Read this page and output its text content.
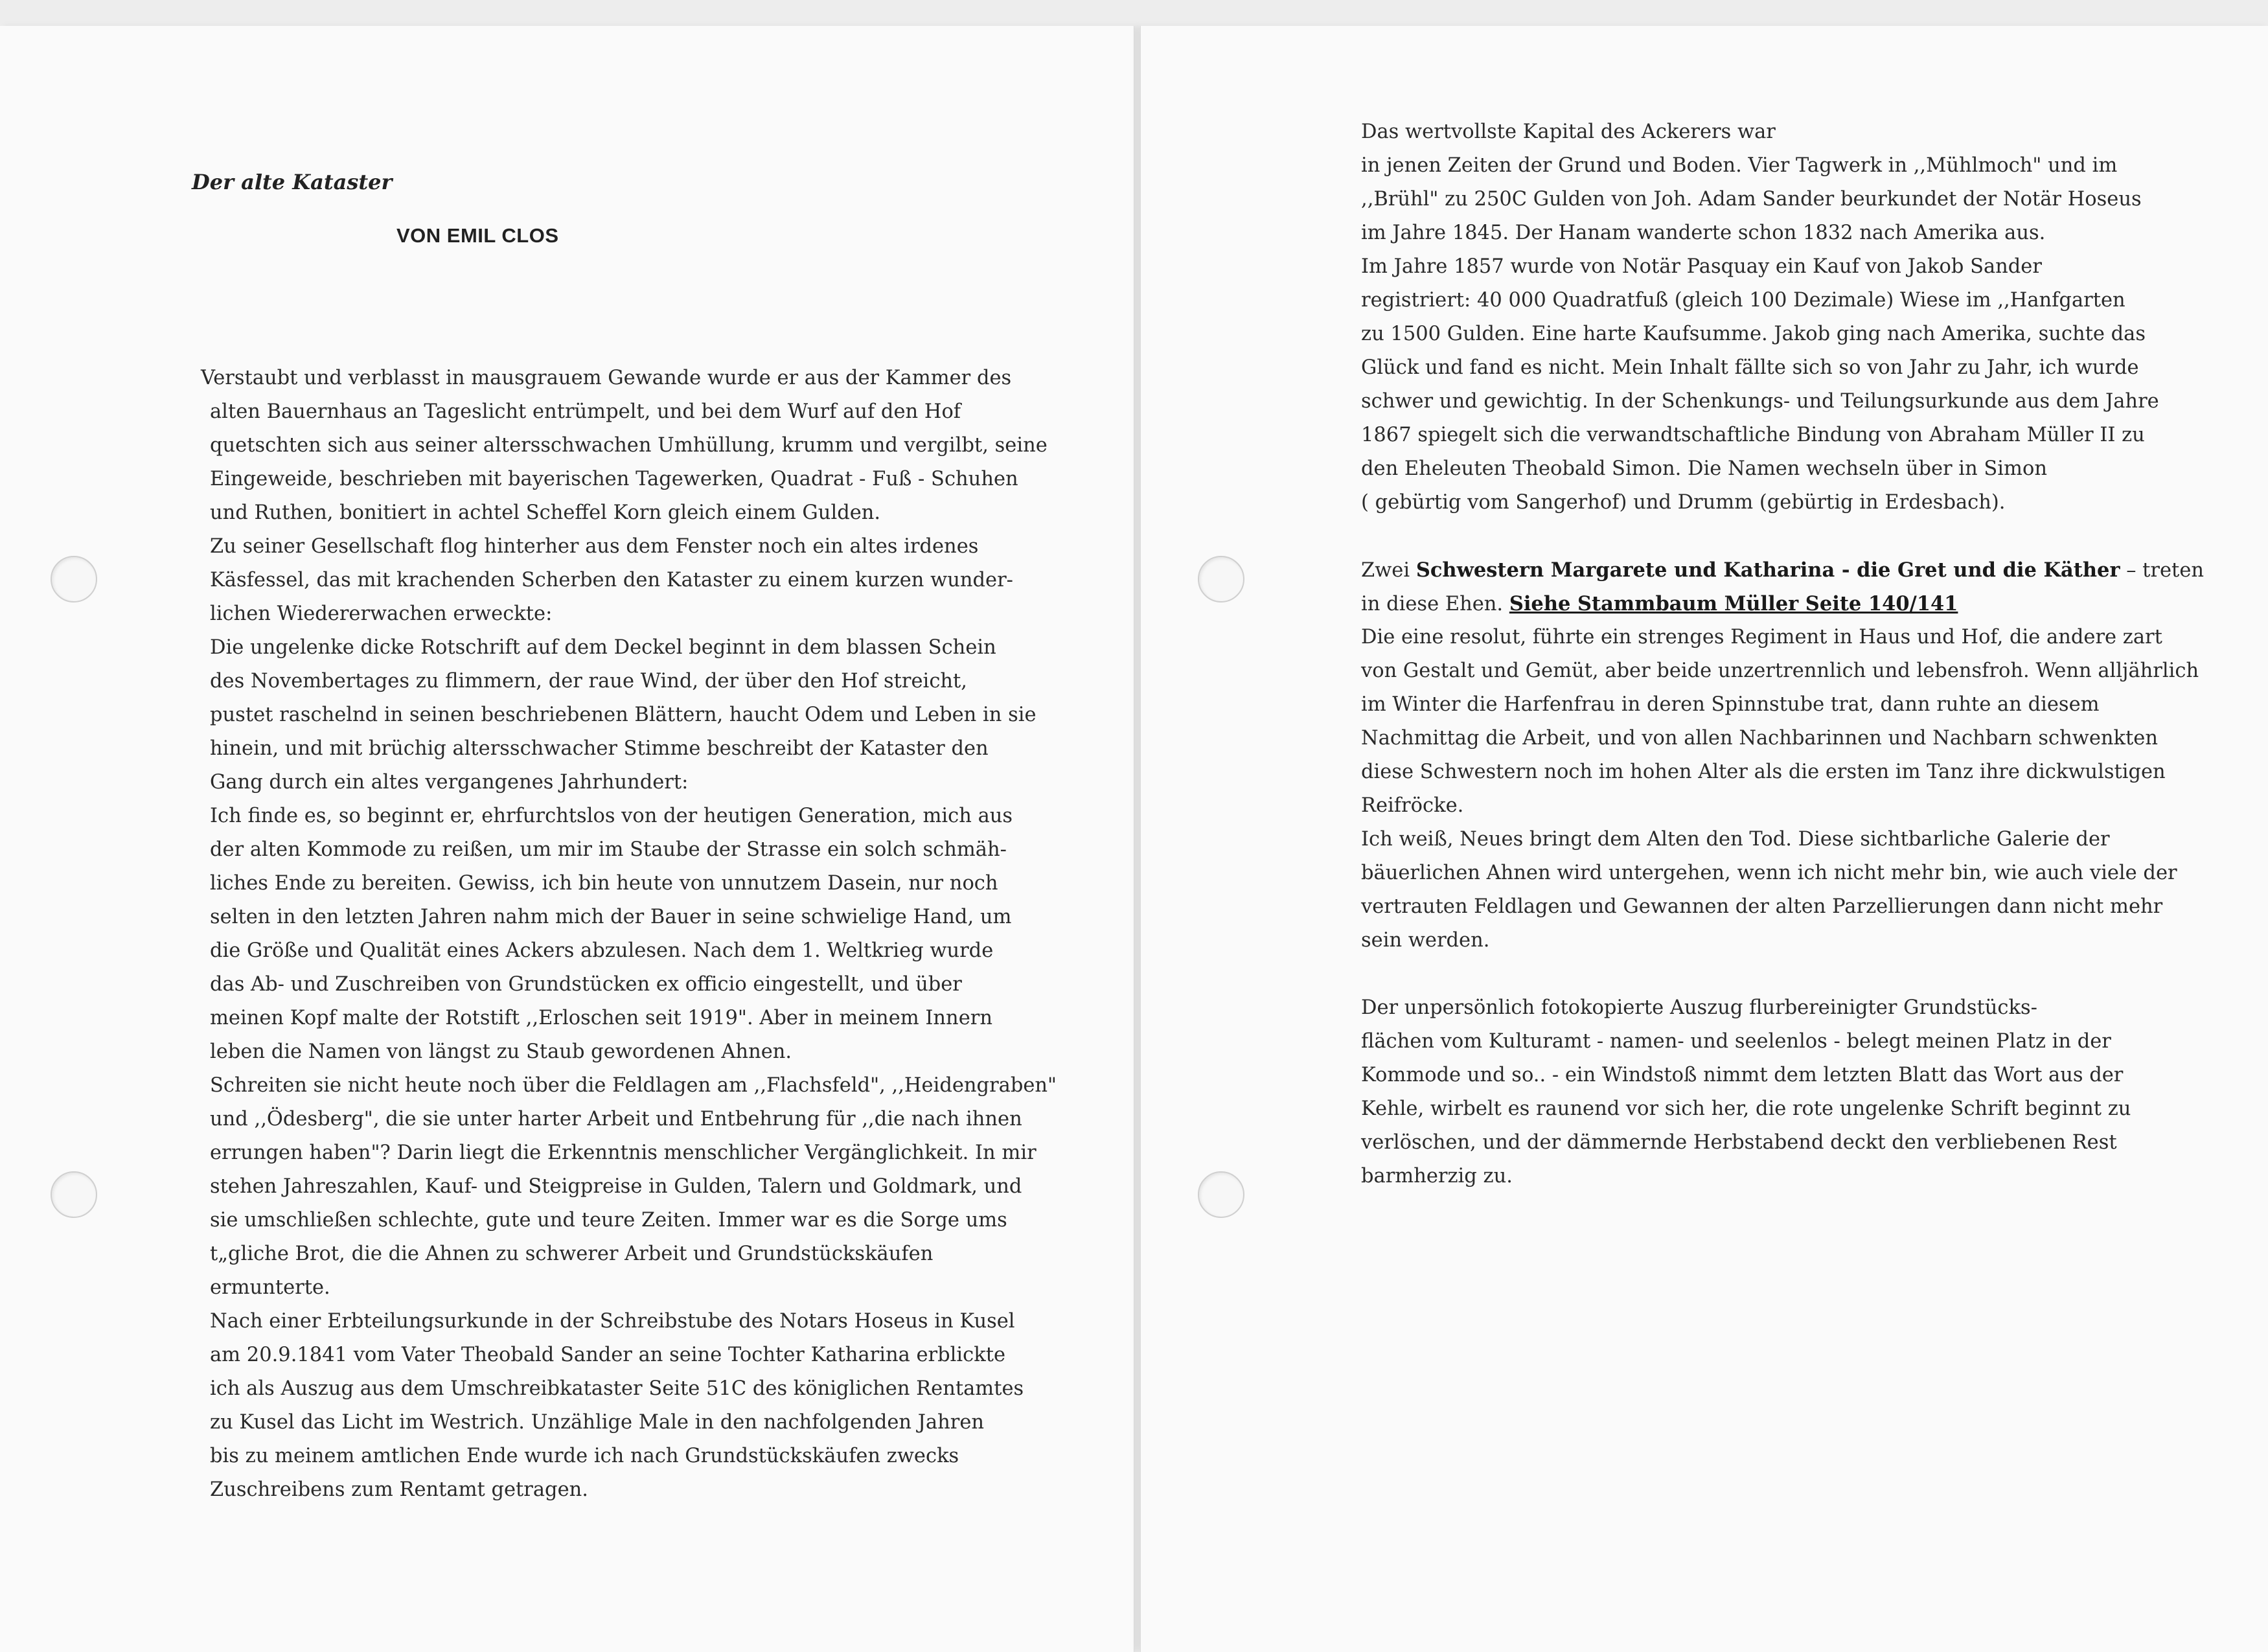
Der alte Kataster
VON EMIL CLOS
Verstaubt und verblasst in mausgrauem Gewande wurde er aus der Kammer des
alten Bauernhaus an Tageslicht entrümpelt, und bei dem Wurf auf den Hof
quetschten sich aus seiner altersschwachen Umhüllung, krumm und vergilbt, seine
Eingeweide, beschrieben mit bayerischen Tagewerken, Quadrat - Fuß - Schuhen
und Ruthen, bonitiert in achtel Scheffel Korn gleich einem Gulden.
Zu seiner Gesellschaft flog hinterher aus dem Fenster noch ein altes irdenes
Käsfessel, das mit krachenden Scherben den Kataster zu einem kurzen wunder-
lichen Wiedererwachen erweckte:
Die ungelenke dicke Rotschrift auf dem Deckel beginnt in dem blassen Schein
des Novembertages zu flimmern, der raue Wind, der über den Hof streicht,
pustet raschelnd in seinen beschriebenen Blättern, haucht Odem und Leben in sie
hinein, und mit brüchig altersschwacher Stimme beschreibt der Kataster den
Gang durch ein altes vergangenes Jahrhundert:
Ich finde es, so beginnt er, ehrfurchtslos von der heutigen Generation, mich aus
der alten Kommode zu reißen, um mir im Staube der Strasse ein solch schmäh-
liches Ende zu bereiten. Gewiss, ich bin heute von unnutzem Dasein, nur noch
selten in den letzten Jahren nahm mich der Bauer in seine schwielige Hand, um
die Größe und Qualität eines Ackers abzulesen. Nach dem 1. Weltkrieg wurde
das Ab- und Zuschreiben von Grundstücken ex officio eingestellt, und über
meinen Kopf malte der Rotstift ,,Erloschen seit 1919". Aber in meinem Innern
leben die Namen von längst zu Staub gewordenen Ahnen.
Schreiten sie nicht heute noch über die Feldlagen am ,,Flachsfeld", ,,Heidengraben"
und ,,Ödesberg", die sie unter harter Arbeit und Entbehrung für ,,die nach ihnen
errungen haben"? Darin liegt die Erkenntnis menschlicher Vergänglichkeit. In mir
stehen Jahreszahlen, Kauf- und Steigpreise in Gulden, Talern und Goldmark, und
sie umschließen schlechte, gute und teure Zeiten. Immer war es die Sorge ums
t„gliche Brot, die die Ahnen zu schwerer Arbeit und Grundstückskäufen
ermunterte.
Nach einer Erbteilungsurkunde in der Schreibstube des Notars Hoseus in Kusel
am 20.9.1841 vom Vater Theobald Sander an seine Tochter Katharina erblickte
ich als Auszug aus dem Umschreibkataster Seite 51C des königlichen Rentamtes
zu Kusel das Licht im Westrich. Unzählige Male in den nachfolgenden Jahren
bis zu meinem amtlichen Ende wurde ich nach Grundstückskäufen zwecks
Zuschreibens zum Rentamt getragen.
Das wertvollste Kapital des Ackerers war
in jenen Zeiten der Grund und Boden. Vier Tagwerk in ,,Mühlmoch" und im
,,Brühl" zu 250C Gulden von Joh. Adam Sander beurkundet der Notär Hoseus
im Jahre 1845. Der Hanam wanderte schon 1832 nach Amerika aus.
Im Jahre 1857 wurde von Notär Pasquay ein Kauf von Jakob Sander
registriert: 40 000 Quadratfuß (gleich 100 Dezimale) Wiese im ,,Hanfgarten
zu 1500 Gulden. Eine harte Kaufsumme. Jakob ging nach Amerika, suchte das
Glück und fand es nicht. Mein Inhalt fällte sich so von Jahr zu Jahr, ich wurde
schwer und gewichtig. In der Schenkungs- und Teilungsurkunde aus dem Jahre
1867 spiegelt sich die verwandtschaftliche Bindung von Abraham Müller II zu
den Eheleuten Theobald Simon. Die Namen wechseln über in Simon
( gebürtig vom Sangerhof) und Drumm (gebürtig in Erdesbach).
Zwei Schwestern Margarete und Katharina - die Gret und die Käther – treten
in diese Ehen. Siehe Stammbaum Müller Seite 140/141
Die eine resolut, führte ein strenges Regiment in Haus und Hof, die andere zart
von Gestalt und Gemüt, aber beide unzertrennlich und lebensfroh. Wenn alljährlich
im Winter die Harfenfrau in deren Spinnstube trat, dann ruhte an diesem
Nachmittag die Arbeit, und von allen Nachbarinnen und Nachbarn schwenkten
diese Schwestern noch im hohen Alter als die ersten im Tanz ihre dickwulstigen
Reifröcke.
Ich weiß, Neues bringt dem Alten den Tod. Diese sichtbarliche Galerie der
bäuerlichen Ahnen wird untergehen, wenn ich nicht mehr bin, wie auch viele der
vertrauten Feldlagen und Gewannen der alten Parzellierungen dann nicht mehr
sein werden.
Der unpersönlich fotokopierte Auszug flurbereinigter Grundstücks-
flächen vom Kulturamt - namen- und seelenlos - belegt meinen Platz in der
Kommode und so.. - ein Windstoß nimmt dem letzten Blatt das Wort aus der
Kehle, wirbelt es raunend vor sich her, die rote ungelenke Schrift beginnt zu
verlöschen, und der dämmernde Herbstabend deckt den verbliebenen Rest
barmherzig zu.
